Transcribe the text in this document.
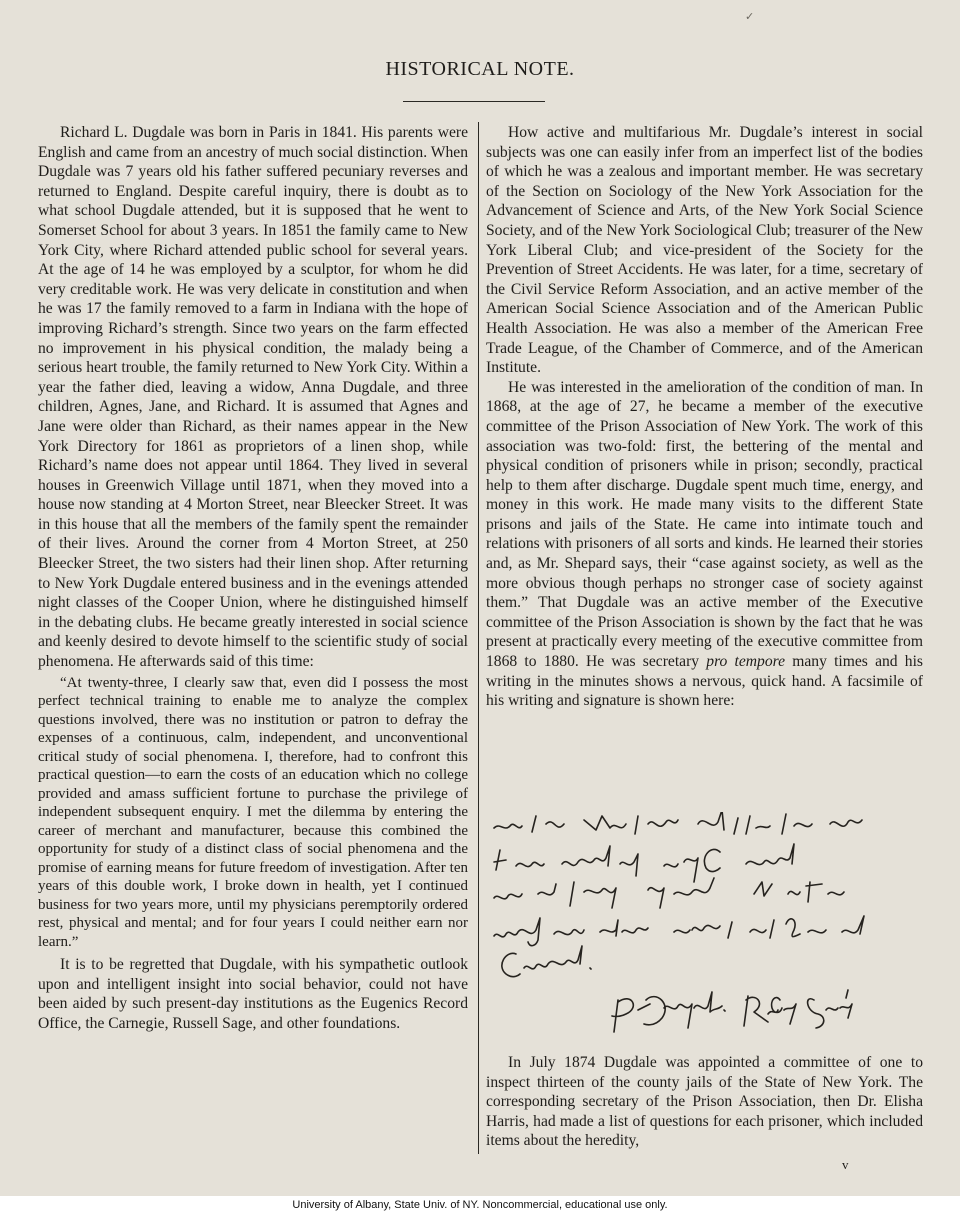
✓
HISTORICAL NOTE.

Richard L. Dugdale was born in Paris in 1841. His parents were English and came from an ancestry of much social distinction. When Dugdale was 7 years old his father suffered pecuniary reverses and returned to England. Despite careful inquiry, there is doubt as to what school Dugdale attended, but it is supposed that he went to Somerset School for about 3 years. In 1851 the family came to New York City, where Richard attended public school for several years. At the age of 14 he was employed by a sculptor, for whom he did very creditable work. He was very delicate in constitution and when he was 17 the family removed to a farm in Indiana with the hope of improving Richard’s strength. Since two years on the farm effected no improvement in his physical condition, the malady being a serious heart trouble, the family returned to New York City. Within a year the father died, leaving a widow, Anna Dugdale, and three children, Agnes, Jane, and Richard. It is assumed that Agnes and Jane were older than Richard, as their names appear in the New York Directory for 1861 as proprietors of a linen shop, while Richard’s name does not appear until 1864. They lived in several houses in Greenwich Village until 1871, when they moved into a house now standing at 4 Morton Street, near Bleecker Street. It was in this house that all the members of the family spent the remainder of their lives. Around the corner from 4 Morton Street, at 250 Bleecker Street, the two sisters had their linen shop. After returning to New York Dugdale entered business and in the evenings attended night classes of the Cooper Union, where he distinguished himself in the debating clubs. He became greatly interested in social science and keenly desired to devote himself to the scientific study of social phenomena. He afterwards said of this time:

“At twenty-three, I clearly saw that, even did I possess the most perfect technical training to enable me to analyze the complex questions involved, there was no institution or patron to defray the expenses of a continuous, calm, independent, and unconventional critical study of social phenomena. I, therefore, had to confront this practical question—to earn the costs of an education which no college provided and amass sufficient fortune to purchase the privilege of independent subsequent enquiry. I met the dilemma by entering the career of merchant and manufacturer, because this combined the opportunity for study of a distinct class of social phenomena and the promise of earning means for future freedom of investigation. After ten years of this double work, I broke down in health, yet I continued business for two years more, until my physicians peremptorily ordered rest, physical and mental; and for four years I could neither earn nor learn.”

It is to be regretted that Dugdale, with his sympathetic outlook upon and intelligent insight into social behavior, could not have been aided by such present-day institutions as the Eugenics Record Office, the Carnegie, Russell Sage, and other foundations.

How active and multifarious Mr. Dugdale’s interest in social subjects was one can easily infer from an imperfect list of the bodies of which he was a zealous and important member. He was secretary of the Section on Sociology of the New York Association for the Advancement of Science and Arts, of the New York Social Science Society, and of the New York Sociological Club; treasurer of the New York Liberal Club; and vice-president of the Society for the Prevention of Street Accidents. He was later, for a time, secretary of the Civil Service Reform Association, and an active member of the American Social Science Association and of the American Public Health Association. He was also a member of the American Free Trade League, of the Chamber of Commerce, and of the American Institute.

He was interested in the amelioration of the condition of man. In 1868, at the age of 27, he became a member of the executive committee of the Prison Association of New York. The work of this association was two-fold: first, the bettering of the mental and physical condition of prisoners while in prison; secondly, practical help to them after discharge. Dugdale spent much time, energy, and money in this work. He made many visits to the different State prisons and jails of the State. He came into intimate touch and relations with prisoners of all sorts and kinds. He learned their stories and, as Mr. Shepard says, their “case against society, as well as the more obvious though perhaps no stronger case of society against them.” That Dugdale was an active member of the Executive committee of the Prison Association is shown by the fact that he was present at practically every meeting of the executive committee from 1868 to 1880. He was secretary pro tempore many times and his writing in the minutes shows a nervous, quick hand. A facsimile of his writing and signature is shown here:

In July 1874 Dugdale was appointed a committee of one to inspect thirteen of the county jails of the State of New York. The corresponding secretary of the Prison Association, then Dr. Elisha Harris, had made a list of questions for each prisoner, which included items about the heredity,

v
University of Albany, State Univ. of NY. Noncommercial, educational use only.
